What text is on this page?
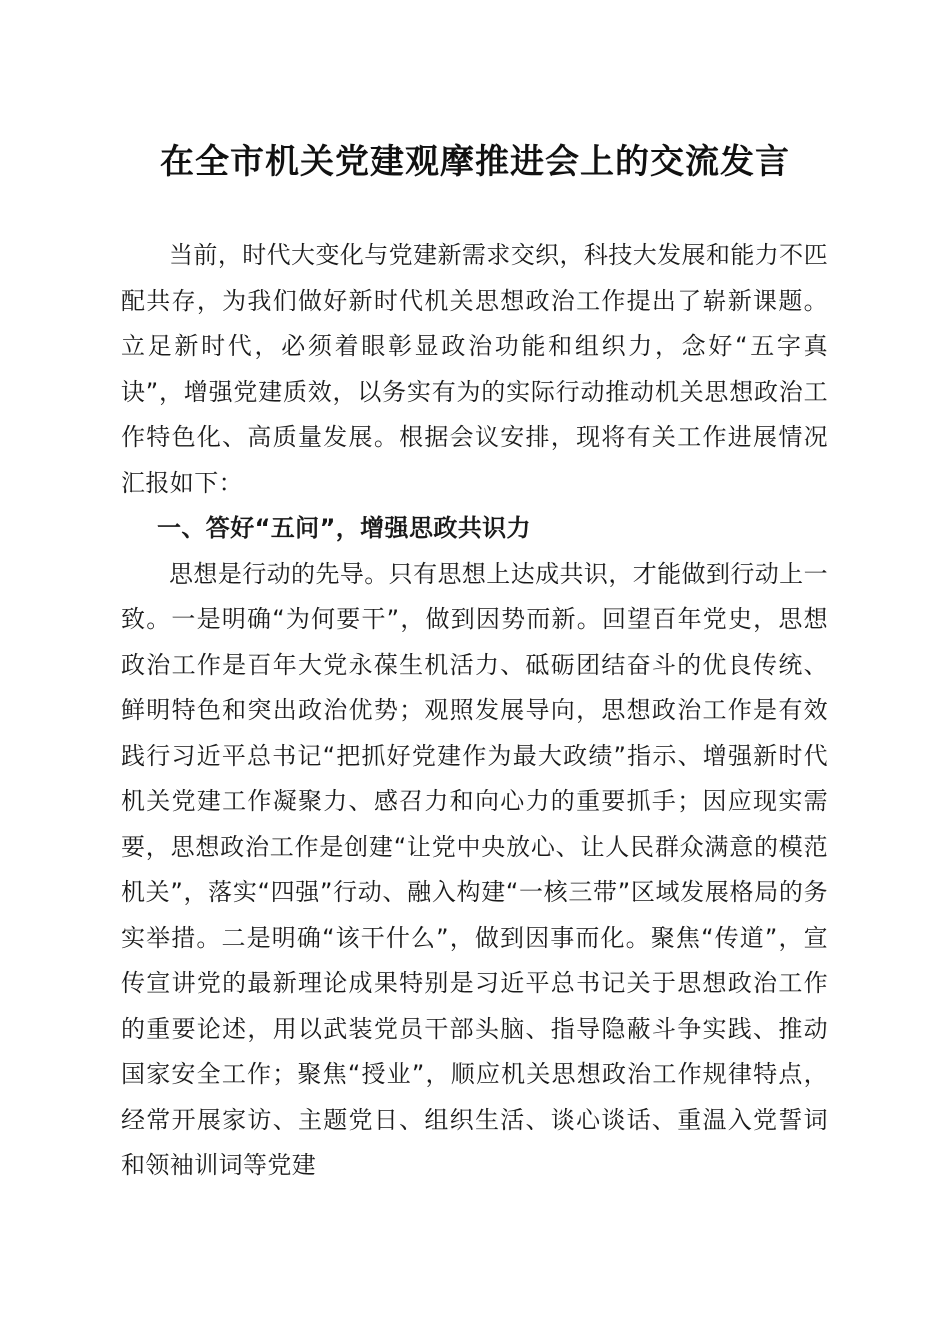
在全市机关党建观摩推进会上的交流发言

当前，时代大变化与党建新需求交织，科技大发展和能力不匹配共存，为我们做好新时代机关思想政治工作提出了崭新课题。立足新时代，必须着眼彰显政治功能和组织力，念好“五字真诀”，增强党建质效，以务实有为的实际行动推动机关思想政治工作特色化、高质量发展。根据会议安排，现将有关工作进展情况汇报如下：

一、答好“五问”，增强思政共识力

思想是行动的先导。只有思想上达成共识，才能做到行动上一致。一是明确“为何要干”，做到因势而新。回望百年党史，思想政治工作是百年大党永葆生机活力、砥砺团结奋斗的优良传统、鲜明特色和突出政治优势；观照发展导向，思想政治工作是有效践行习近平总书记“把抓好党建作为最大政绩”指示、增强新时代机关党建工作凝聚力、感召力和向心力的重要抓手；因应现实需要，思想政治工作是创建“让党中央放心、让人民群众满意的模范机关”，落实“四强”行动、融入构建“一核三带”区域发展格局的务实举措。二是明确“该干什么”，做到因事而化。聚焦“传道”，宣传宣讲党的最新理论成果特别是习近平总书记关于思想政治工作的重要论述，用以武装党员干部头脑、指导隐蔽斗争实践、推动国家安全工作；聚焦“授业”，顺应机关思想政治工作规律特点，经常开展家访、主题党日、组织生活、谈心谈话、重温入党誓词和领袖训词等党建
